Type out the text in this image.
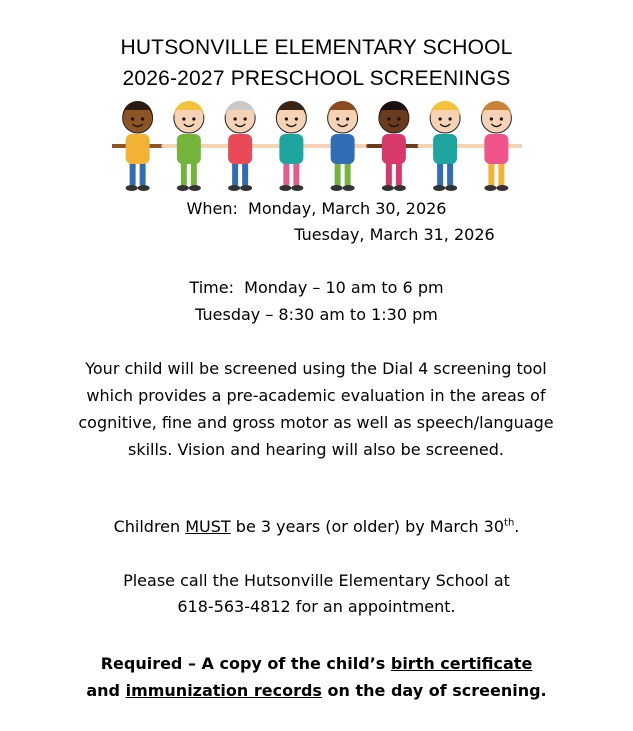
HUTSONVILLE ELEMENTARY SCHOOL
2026-2027 PRESCHOOL SCREENINGS
When: Monday, March 30, 2026
Tuesday, March 31, 2026
Time: Monday – 10 am to 6 pm
Tuesday – 8:30 am to 1:30 pm
Your child will be screened using the Dial 4 screening tool which provides a pre-academic evaluation in the areas of cognitive, fine and gross motor as well as speech/language skills. Vision and hearing will also be screened.
Children MUST be 3 years (or older) by March 30th.
Please call the Hutsonville Elementary School at
618-563-4812 for an appointment.
Required – A copy of the child’s birth certificate
and immunization records on the day of screening.
